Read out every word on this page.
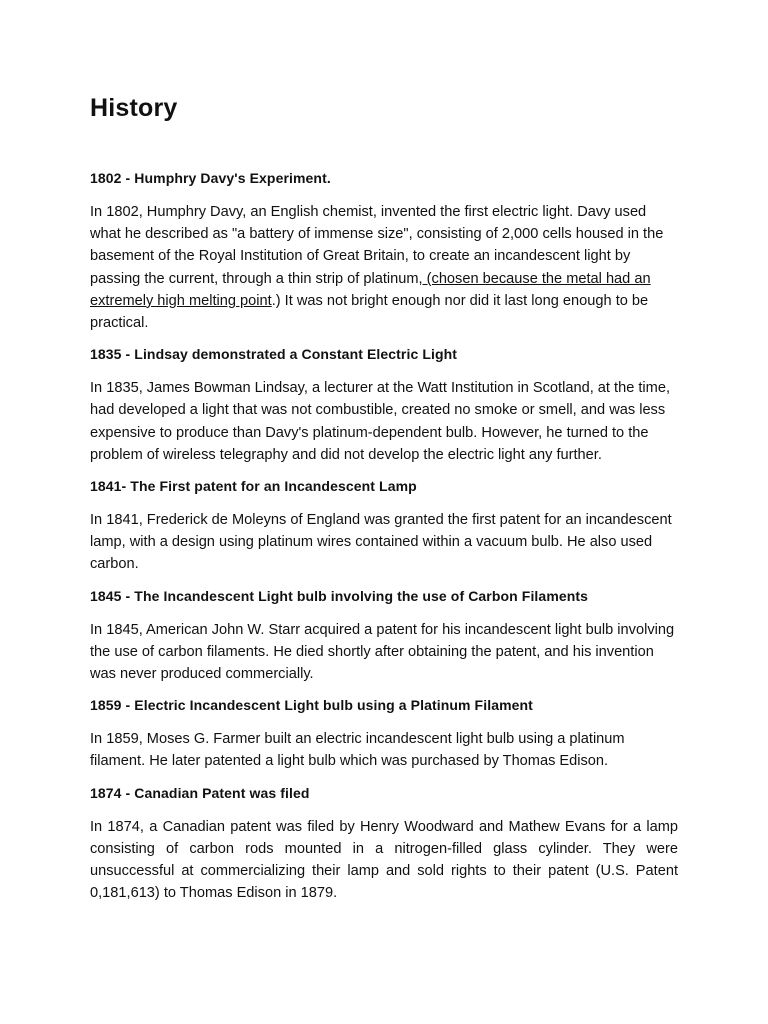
History
1802 - Humphry Davy's Experiment.

In 1802, Humphry Davy, an English chemist, invented the first electric light. Davy used what he described as "a battery of immense size", consisting of 2,000 cells housed in the basement of the Royal Institution of Great Britain, to create an incandescent light by passing the current, through a thin strip of platinum, (chosen because the metal had an extremely high melting point.) It was not bright enough nor did it last long enough to be practical.

1835 - Lindsay demonstrated a Constant Electric Light

In 1835, James Bowman Lindsay, a lecturer at the Watt Institution in Scotland, at the time, had developed a light that was not combustible, created no smoke or smell, and was less expensive to produce than Davy's platinum-dependent bulb. However, he turned to the problem of wireless telegraphy and did not develop the electric light any further.

1841- The First patent for an Incandescent Lamp

In 1841, Frederick de Moleyns of England was granted the first patent for an incandescent lamp, with a design using platinum wires contained within a vacuum bulb. He also used carbon.

1845 - The Incandescent Light bulb involving the use of Carbon Filaments

In 1845, American John W. Starr acquired a patent for his incandescent light bulb involving the use of carbon filaments. He died shortly after obtaining the patent, and his invention was never produced commercially.

1859 - Electric Incandescent Light bulb using a Platinum Filament

In 1859, Moses G. Farmer built an electric incandescent light bulb using a platinum filament. He later patented a light bulb which was purchased by Thomas Edison.

1874 - Canadian Patent was filed

In 1874, a Canadian patent was filed by Henry Woodward and Mathew Evans for a lamp consisting of carbon rods mounted in a nitrogen-filled glass cylinder. They were unsuccessful at commercializing their lamp and sold rights to their patent (U.S. Patent 0,181,613) to Thomas Edison in 1879.
